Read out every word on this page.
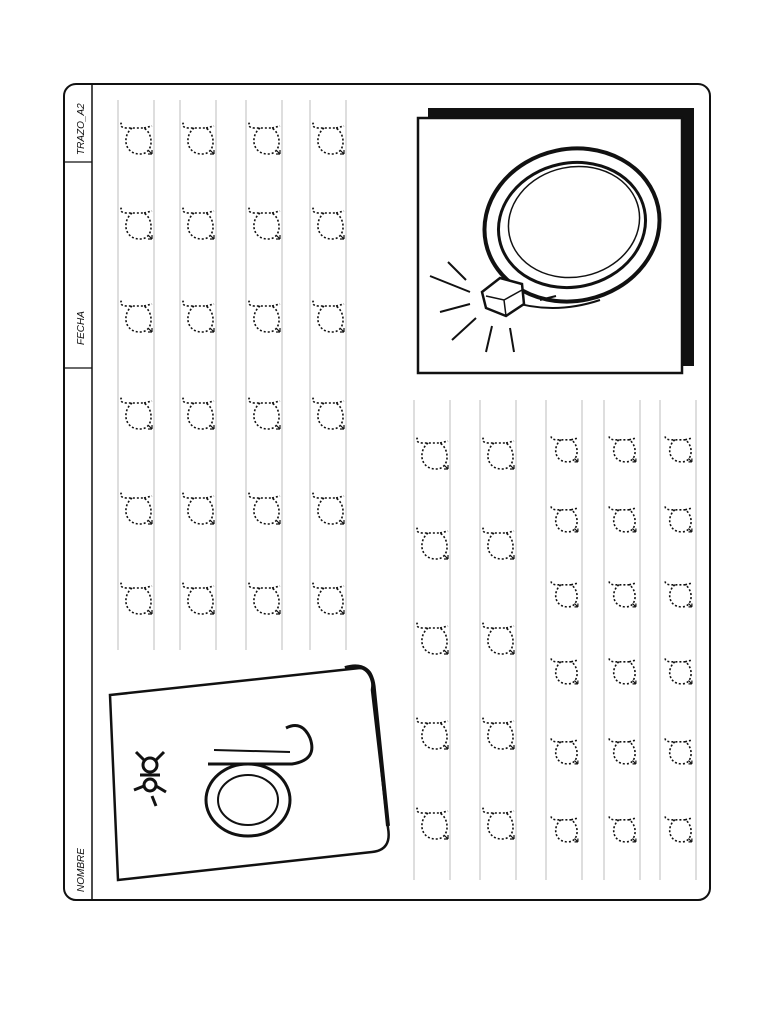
NOMBRE
FECHA
TRAZO_A2
